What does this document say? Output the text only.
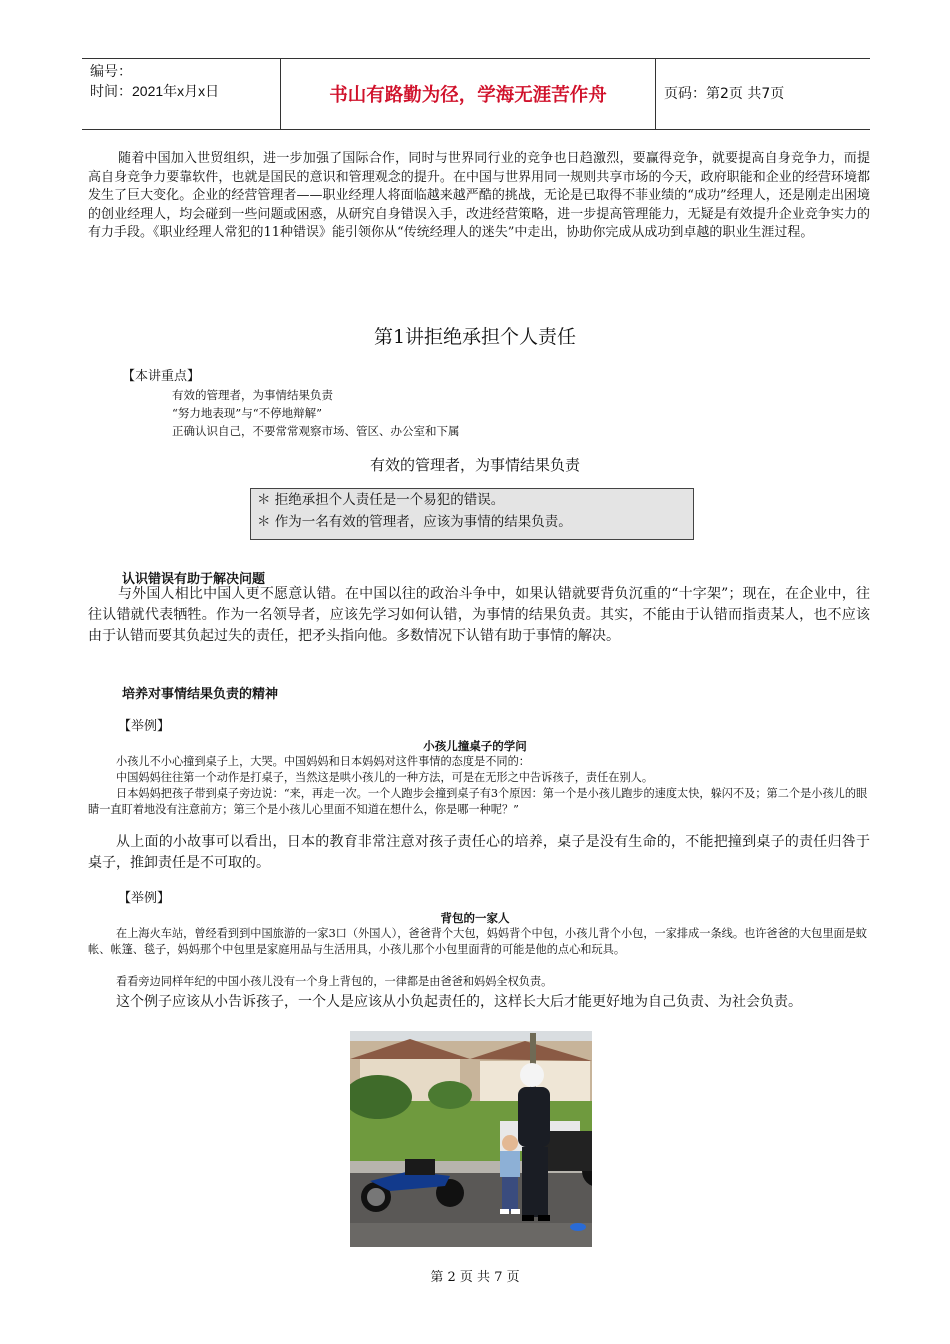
编号：
时间：2021年x月x日	书山有路勤为径，学海无涯苦作舟	页码：第2页 共7页
随着中国加入世贸组织，进一步加强了国际合作，同时与世界同行业的竞争也日趋激烈，要赢得竞争，就要提高自身竞争力，而提高自身竞争力要靠软件，也就是国民的意识和管理观念的提升。在中国与世界用同一规则共享市场的今天，政府职能和企业的经营环境都发生了巨大变化。企业的经营管理者——职业经理人将面临越来越严酷的挑战，无论是已取得不菲业绩的“成功”经理人，还是刚走出困境的创业经理人，均会碰到一些问题或困惑，从研究自身错误入手，改进经营策略，进一步提高管理能力，无疑是有效提升企业竞争实力的有力手段。《职业经理人常犯的11种错误》能引领你从“传统经理人的迷失”中走出，协助你完成从成功到卓越的职业生涯过程。
第1讲拒绝承担个人责任
【本讲重点】
有效的管理者，为事情结果负责
“努力地表现”与“不停地辩解”
正确认识自己，不要常常观察市场、管区、办公室和下属
有效的管理者，为事情结果负责
＊ 拒绝承担个人责任是一个易犯的错误。
＊ 作为一名有效的管理者，应该为事情的结果负责。
认识错误有助于解决问题
与外国人相比中国人更不愿意认错。在中国以往的政治斗争中，如果认错就要背负沉重的“十字架”；现在，在企业中，往往认错就代表牺牲。作为一名领导者，应该先学习如何认错，为事情的结果负责。其实，不能由于认错而指责某人，也不应该由于认错而要其负起过失的责任，把矛头指向他。多数情况下认错有助于事情的解决。
培养对事情结果负责的精神
【举例】
小孩儿撞桌子的学问
小孩儿不小心撞到桌子上，大哭。中国妈妈和日本妈妈对这件事情的态度是不同的：
中国妈妈往往第一个动作是打桌子，当然这是哄小孩儿的一种方法，可是在无形之中告诉孩子，责任在别人。
日本妈妈把孩子带到桌子旁边说：“来，再走一次。一个人跑步会撞到桌子有3个原因：第一个是小孩儿跑步的速度太快，躲闪不及；第二个是小孩儿的眼睛一直盯着地没有注意前方；第三个是小孩儿心里面不知道在想什么，你是哪一种呢？”
从上面的小故事可以看出，日本的教育非常注意对孩子责任心的培养，桌子是没有生命的，不能把撞到桌子的责任归咎于桌子，推卸责任是不可取的。
【举例】
背包的一家人
在上海火车站，曾经看到到中国旅游的一家3口（外国人），爸爸背个大包，妈妈背个中包，小孩儿背个小包，一家排成一条线。也许爸爸的大包里面是蚊帐、帐篷、毯子，妈妈那个中包里是家庭用品与生活用具，小孩儿那个小包里面背的可能是他的点心和玩具。
看看旁边同样年纪的中国小孩儿没有一个身上背包的，一律都是由爸爸和妈妈全权负责。
这个例子应该从小告诉孩子，一个人是应该从小负起责任的，这样长大后才能更好地为自己负责、为社会负责。
第 2 页 共 7 页
